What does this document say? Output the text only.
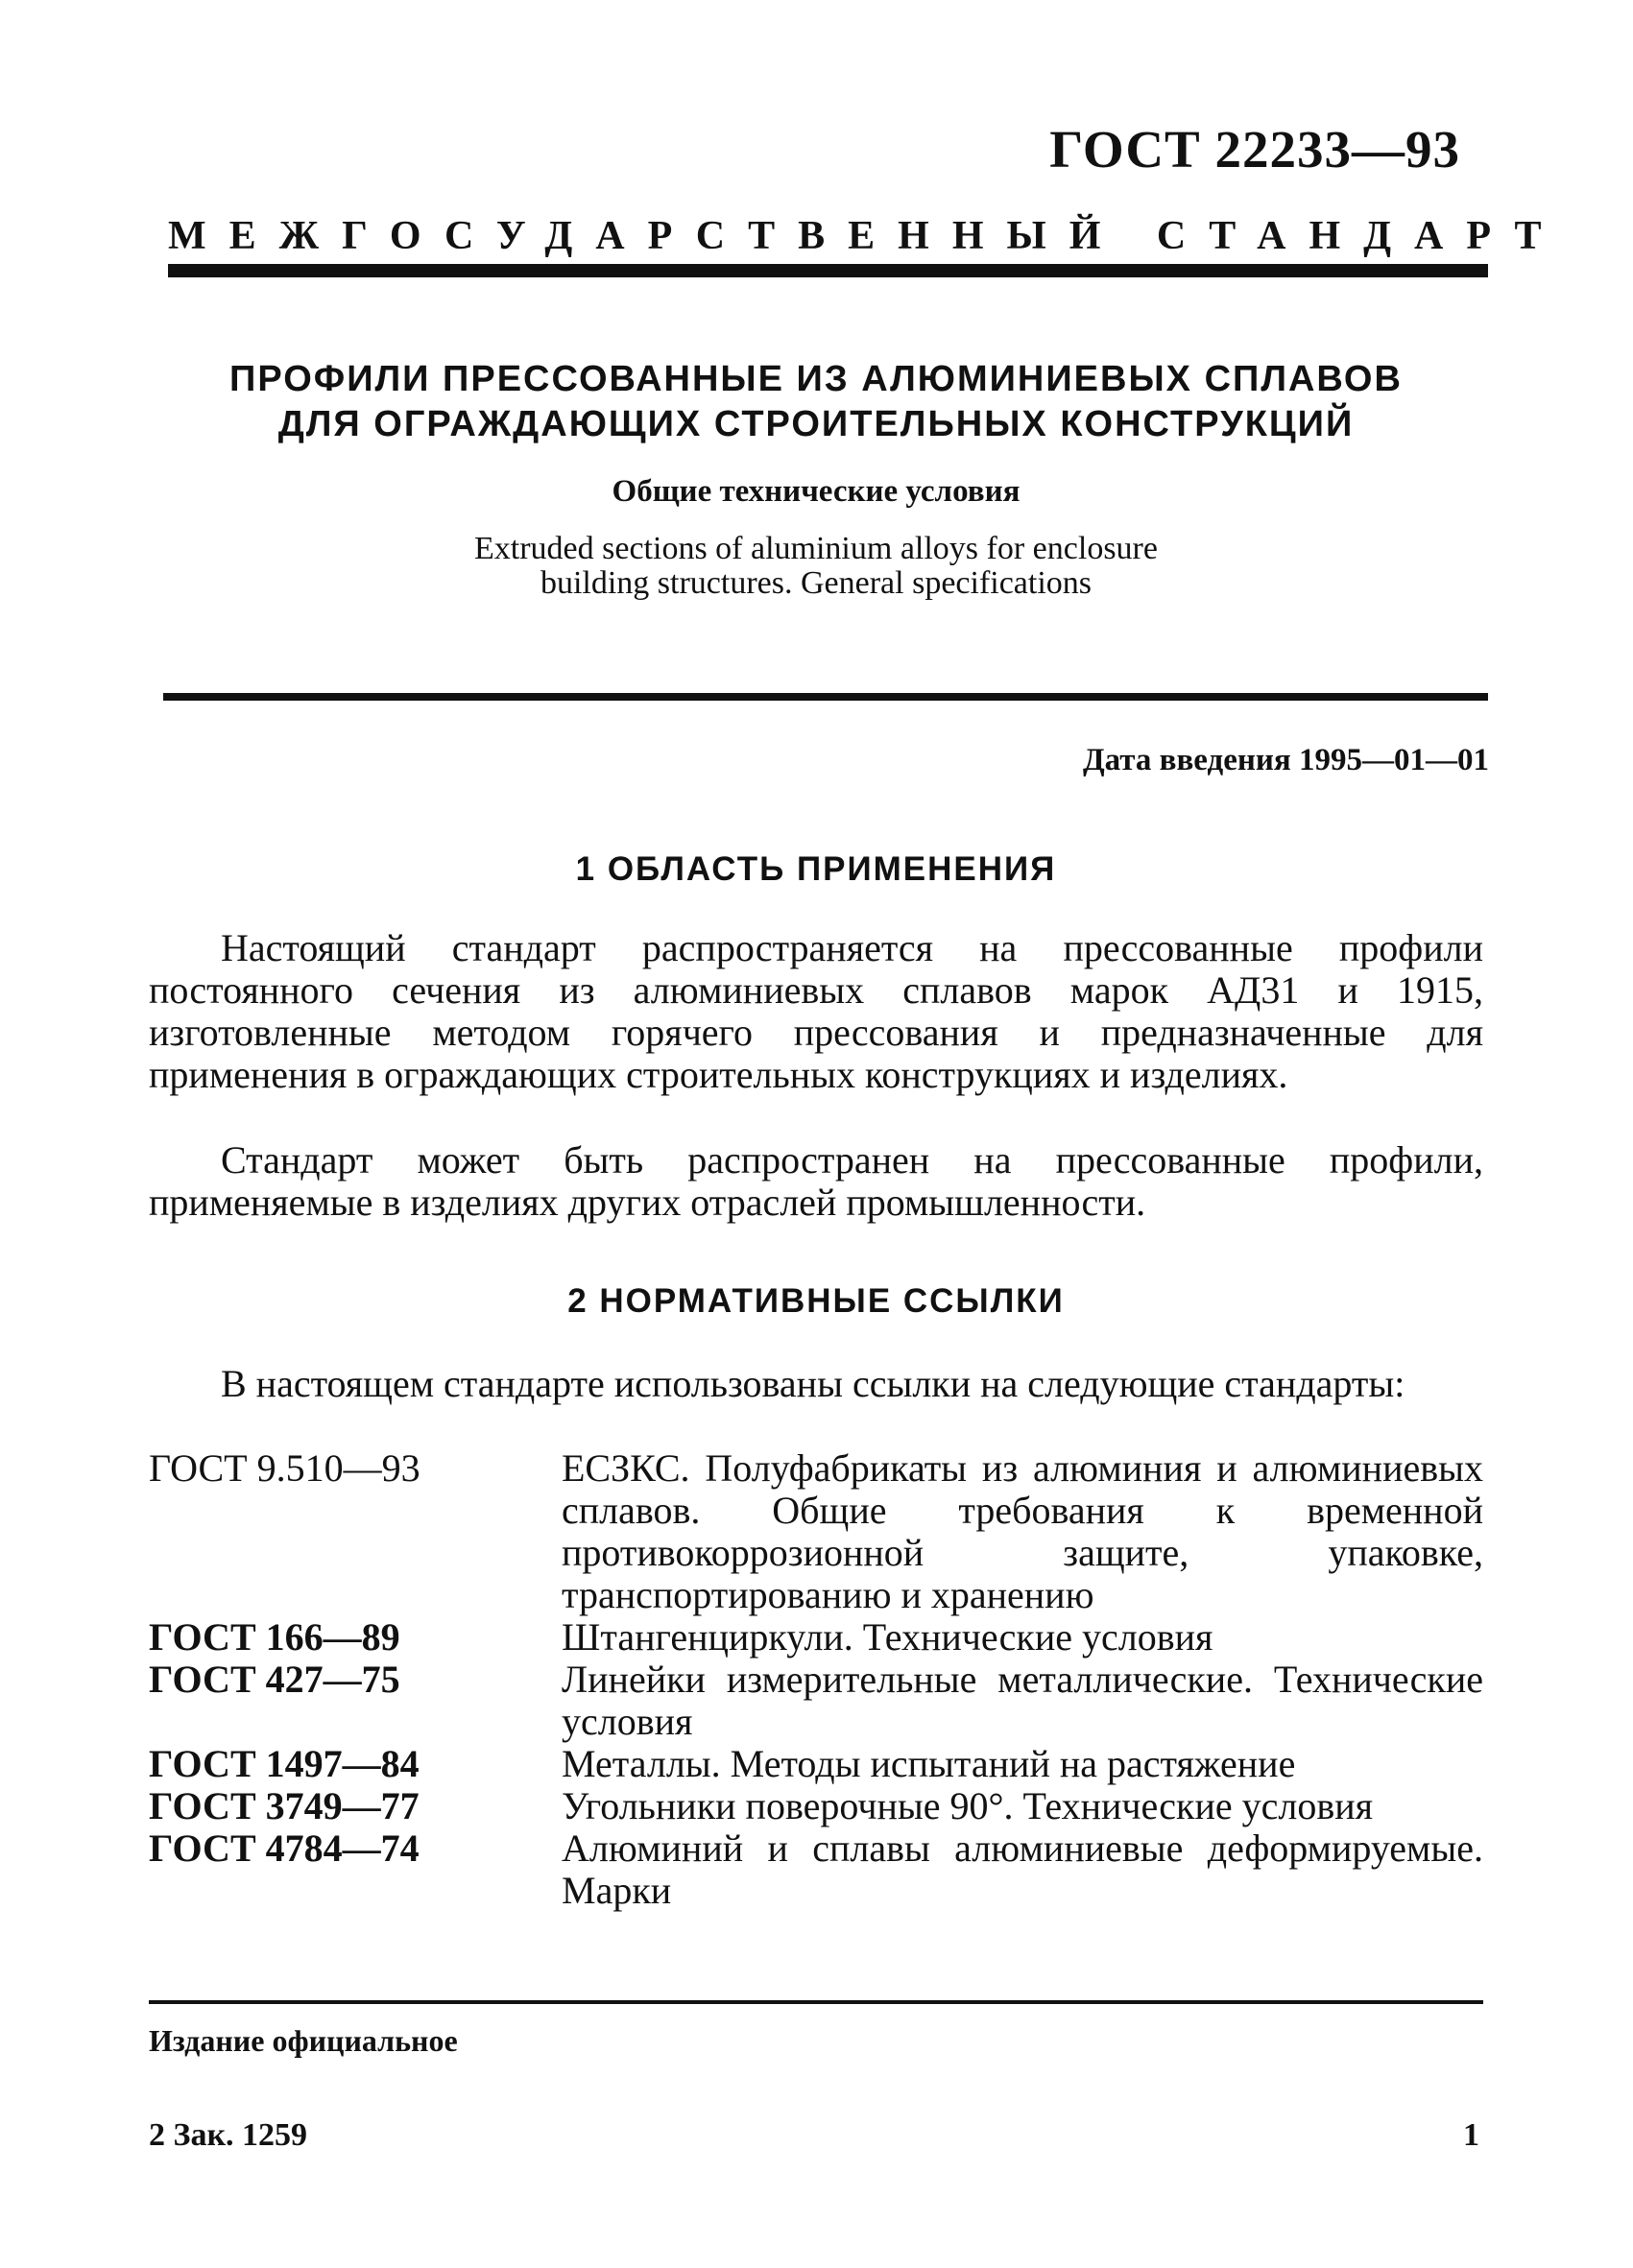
ГОСТ 22233—93
МЕЖГОСУДАРСТВЕННЫЙ СТАНДАРТ
ПРОФИЛИ ПРЕССОВАННЫЕ ИЗ АЛЮМИНИЕВЫХ СПЛАВОВ
ДЛЯ ОГРАЖДАЮЩИХ СТРОИТЕЛЬНЫХ КОНСТРУКЦИЙ
Общие технические условия
Extruded sections of aluminium alloys for enclosure
building structures. General specifications
Дата введения 1995—01—01
1 ОБЛАСТЬ ПРИМЕНЕНИЯ

Настоящий стандарт распространяется на прессованные профили постоянного сечения из алюминиевых сплавов марок АД31 и 1915, изготовленные методом горячего прессования и предназначенные для применения в ограждающих строительных конструкциях и изделиях.

Стандарт может быть распространен на прессованные профили, применяемые в изделиях других отраслей промышленности.

2 НОРМАТИВНЫЕ ССЫЛКИ

В настоящем стандарте использованы ссылки на следующие стандарты:

ГОСТ 9.510—93	ЕСЗКС. Полуфабрикаты из алюминия и алюминиевых сплавов. Общие требования к временной противокоррозионной защите, упаковке, транспортированию и хранению
ГОСТ 166—89	Штангенциркули. Технические условия
ГОСТ 427—75	Линейки измерительные металлические. Технические условия
ГОСТ 1497—84	Металлы. Методы испытаний на растяжение
ГОСТ 3749—77	Угольники поверочные 90°. Технические условия
ГОСТ 4784—74	Алюминий и сплавы алюминиевые деформируемые. Марки
Издание официальное
2 Зак. 1259	1
